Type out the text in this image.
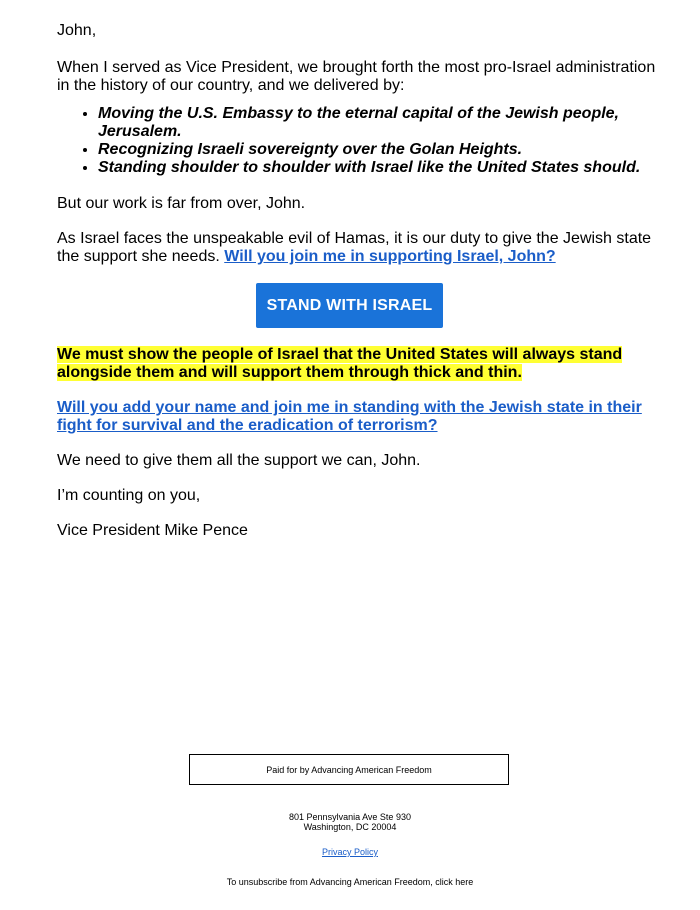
John,

When I served as Vice President, we brought forth the most pro-Israel administration in the history of our country, and we delivered by:

• Moving the U.S. Embassy to the eternal capital of the Jewish people, Jerusalem.
• Recognizing Israeli sovereignty over the Golan Heights.
• Standing shoulder to shoulder with Israel like the United States should.

But our work is far from over, John.

As Israel faces the unspeakable evil of Hamas, it is our duty to give the Jewish state the support she needs. Will you join me in supporting Israel, John?

STAND WITH ISRAEL

We must show the people of Israel that the United States will always stand alongside them and will support them through thick and thin.

Will you add your name and join me in standing with the Jewish state in their fight for survival and the eradication of terrorism?

We need to give them all the support we can, John.

I’m counting on you,

Vice President Mike Pence

Paid for by Advancing American Freedom
801 Pennsylvania Ave Ste 930
Washington, DC 20004
Privacy Policy
To unsubscribe from Advancing American Freedom, click here
